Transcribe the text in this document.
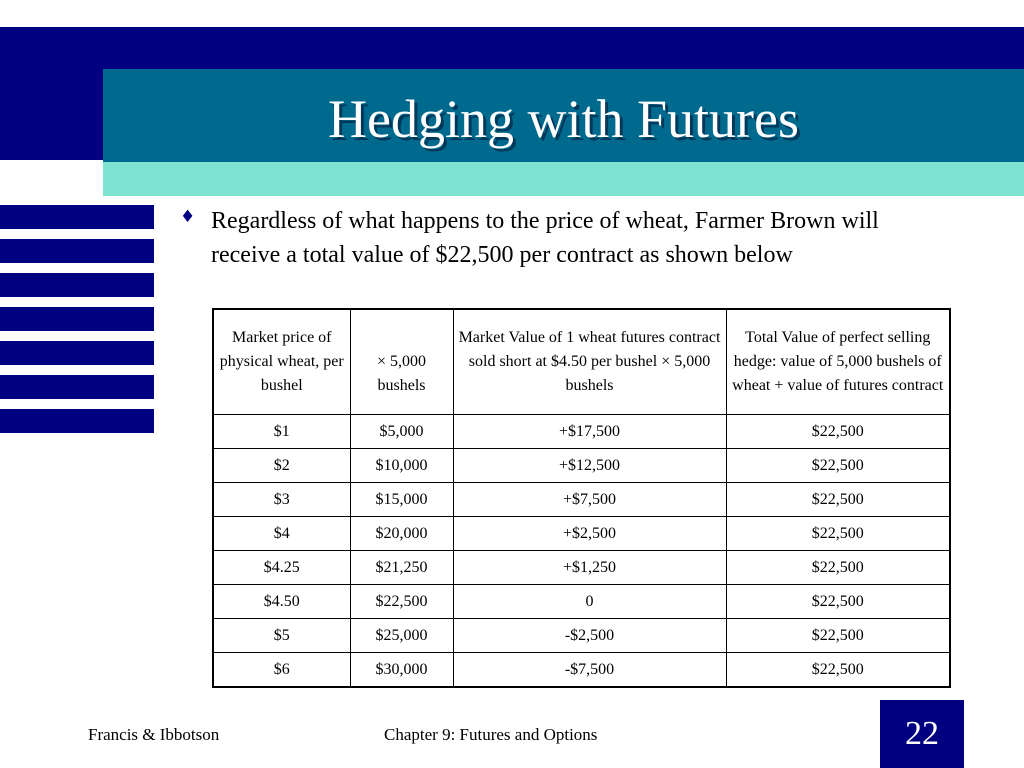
Hedging with Futures
♦ Regardless of what happens to the price of wheat, Farmer Brown will receive a total value of $22,500 per contract as shown below
Market price of physical wheat, per bushel	× 5,000 bushels	Market Value of 1 wheat futures contract sold short at $4.50 per bushel × 5,000 bushels	Total Value of perfect selling hedge: value of 5,000 bushels of wheat + value of futures contract

$1	$5,000	+$17,500	$22,500
$2	$10,000	+$12,500	$22,500
$3	$15,000	+$7,500	$22,500
$4	$20,000	+$2,500	$22,500
$4.25	$21,250	+$1,250	$22,500
$4.50	$22,500	0	$22,500
$5	$25,000	-$2,500	$22,500
$6	$30,000	-$7,500	$22,500
Francis & Ibbotson	Chapter 9: Futures and Options	22
